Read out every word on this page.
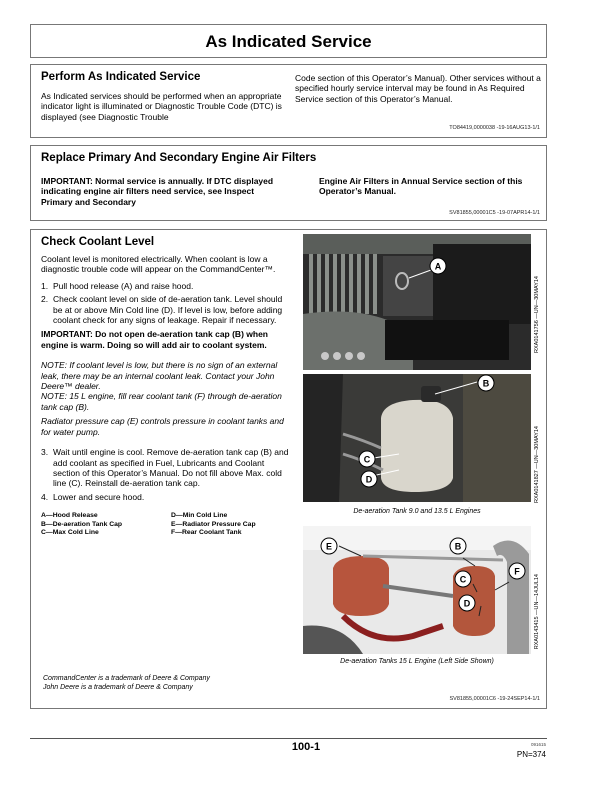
As Indicated Service
Perform As Indicated Service

As Indicated services should be performed when an appropriate indicator light is illuminated or Diagnostic Trouble Code (DTC) is displayed (see Diagnostic Trouble

Code section of this Operator’s Manual). Other services without a specified hourly service interval may be found in As Required Service section of this Operator’s Manual.

TO84419,0000038 -19-16AUG13-1/1
Replace Primary And Secondary Engine Air Filters

IMPORTANT: Normal service is annually. If DTC displayed indicating engine air filters need service, see Inspect Primary and Secondary

Engine Air Filters in Annual Service section of this Operator’s Manual.

SV81855,00001C5 -19-07APR14-1/1
Check Coolant Level

Coolant level is monitored electrically. When coolant is low a diagnostic trouble code will appear on the CommandCenter™.

1. Pull hood release (A) and raise hood.
2. Check coolant level on side of de-aeration tank. Level should be at or above Min Cold line (D). If level is low, before adding coolant check for any signs of leakage. Repair if necessary.

IMPORTANT: Do not open de-aeration tank cap (B) when engine is warm. Doing so will add air to coolant system.

NOTE: If coolant level is low, but there is no sign of an external leak, there may be an internal coolant leak. Contact your John Deere™ dealer.

NOTE: 15 L engine, fill rear coolant tank (F) through de-aeration tank cap (B).

Radiator pressure cap (E) controls pressure in coolant tanks and for water pump.

3. Wait until engine is cool. Remove de-aeration tank cap (B) and add coolant as specified in Fuel, Lubricants and Coolant section of this Operator’s Manual. Do not fill above Max. cold line (C). Reinstall de-aeration tank cap.
4. Lower and secure hood.
A—Hood Release	D—Min Cold Line
B—De-aeration Tank Cap	E—Radiator Pressure Cap
C—Max Cold Line	F—Rear Coolant Tank
RXA0141756 —UN—30MAY14
RXA0141827 —UN—30MAY14
De-aeration Tank 9.0 and 13.5 L Engines
RXA0143415 —UN—14JUL14
De-aeration Tanks 15 L Engine (Left Side Shown)
A
B
C
D
E	B
C
F
D
CommandCenter is a trademark of Deere & Company
John Deere is a trademark of Deere & Company
SV81855,00001C6 -19-24SEP14-1/1
100-1	091615
PN=374
